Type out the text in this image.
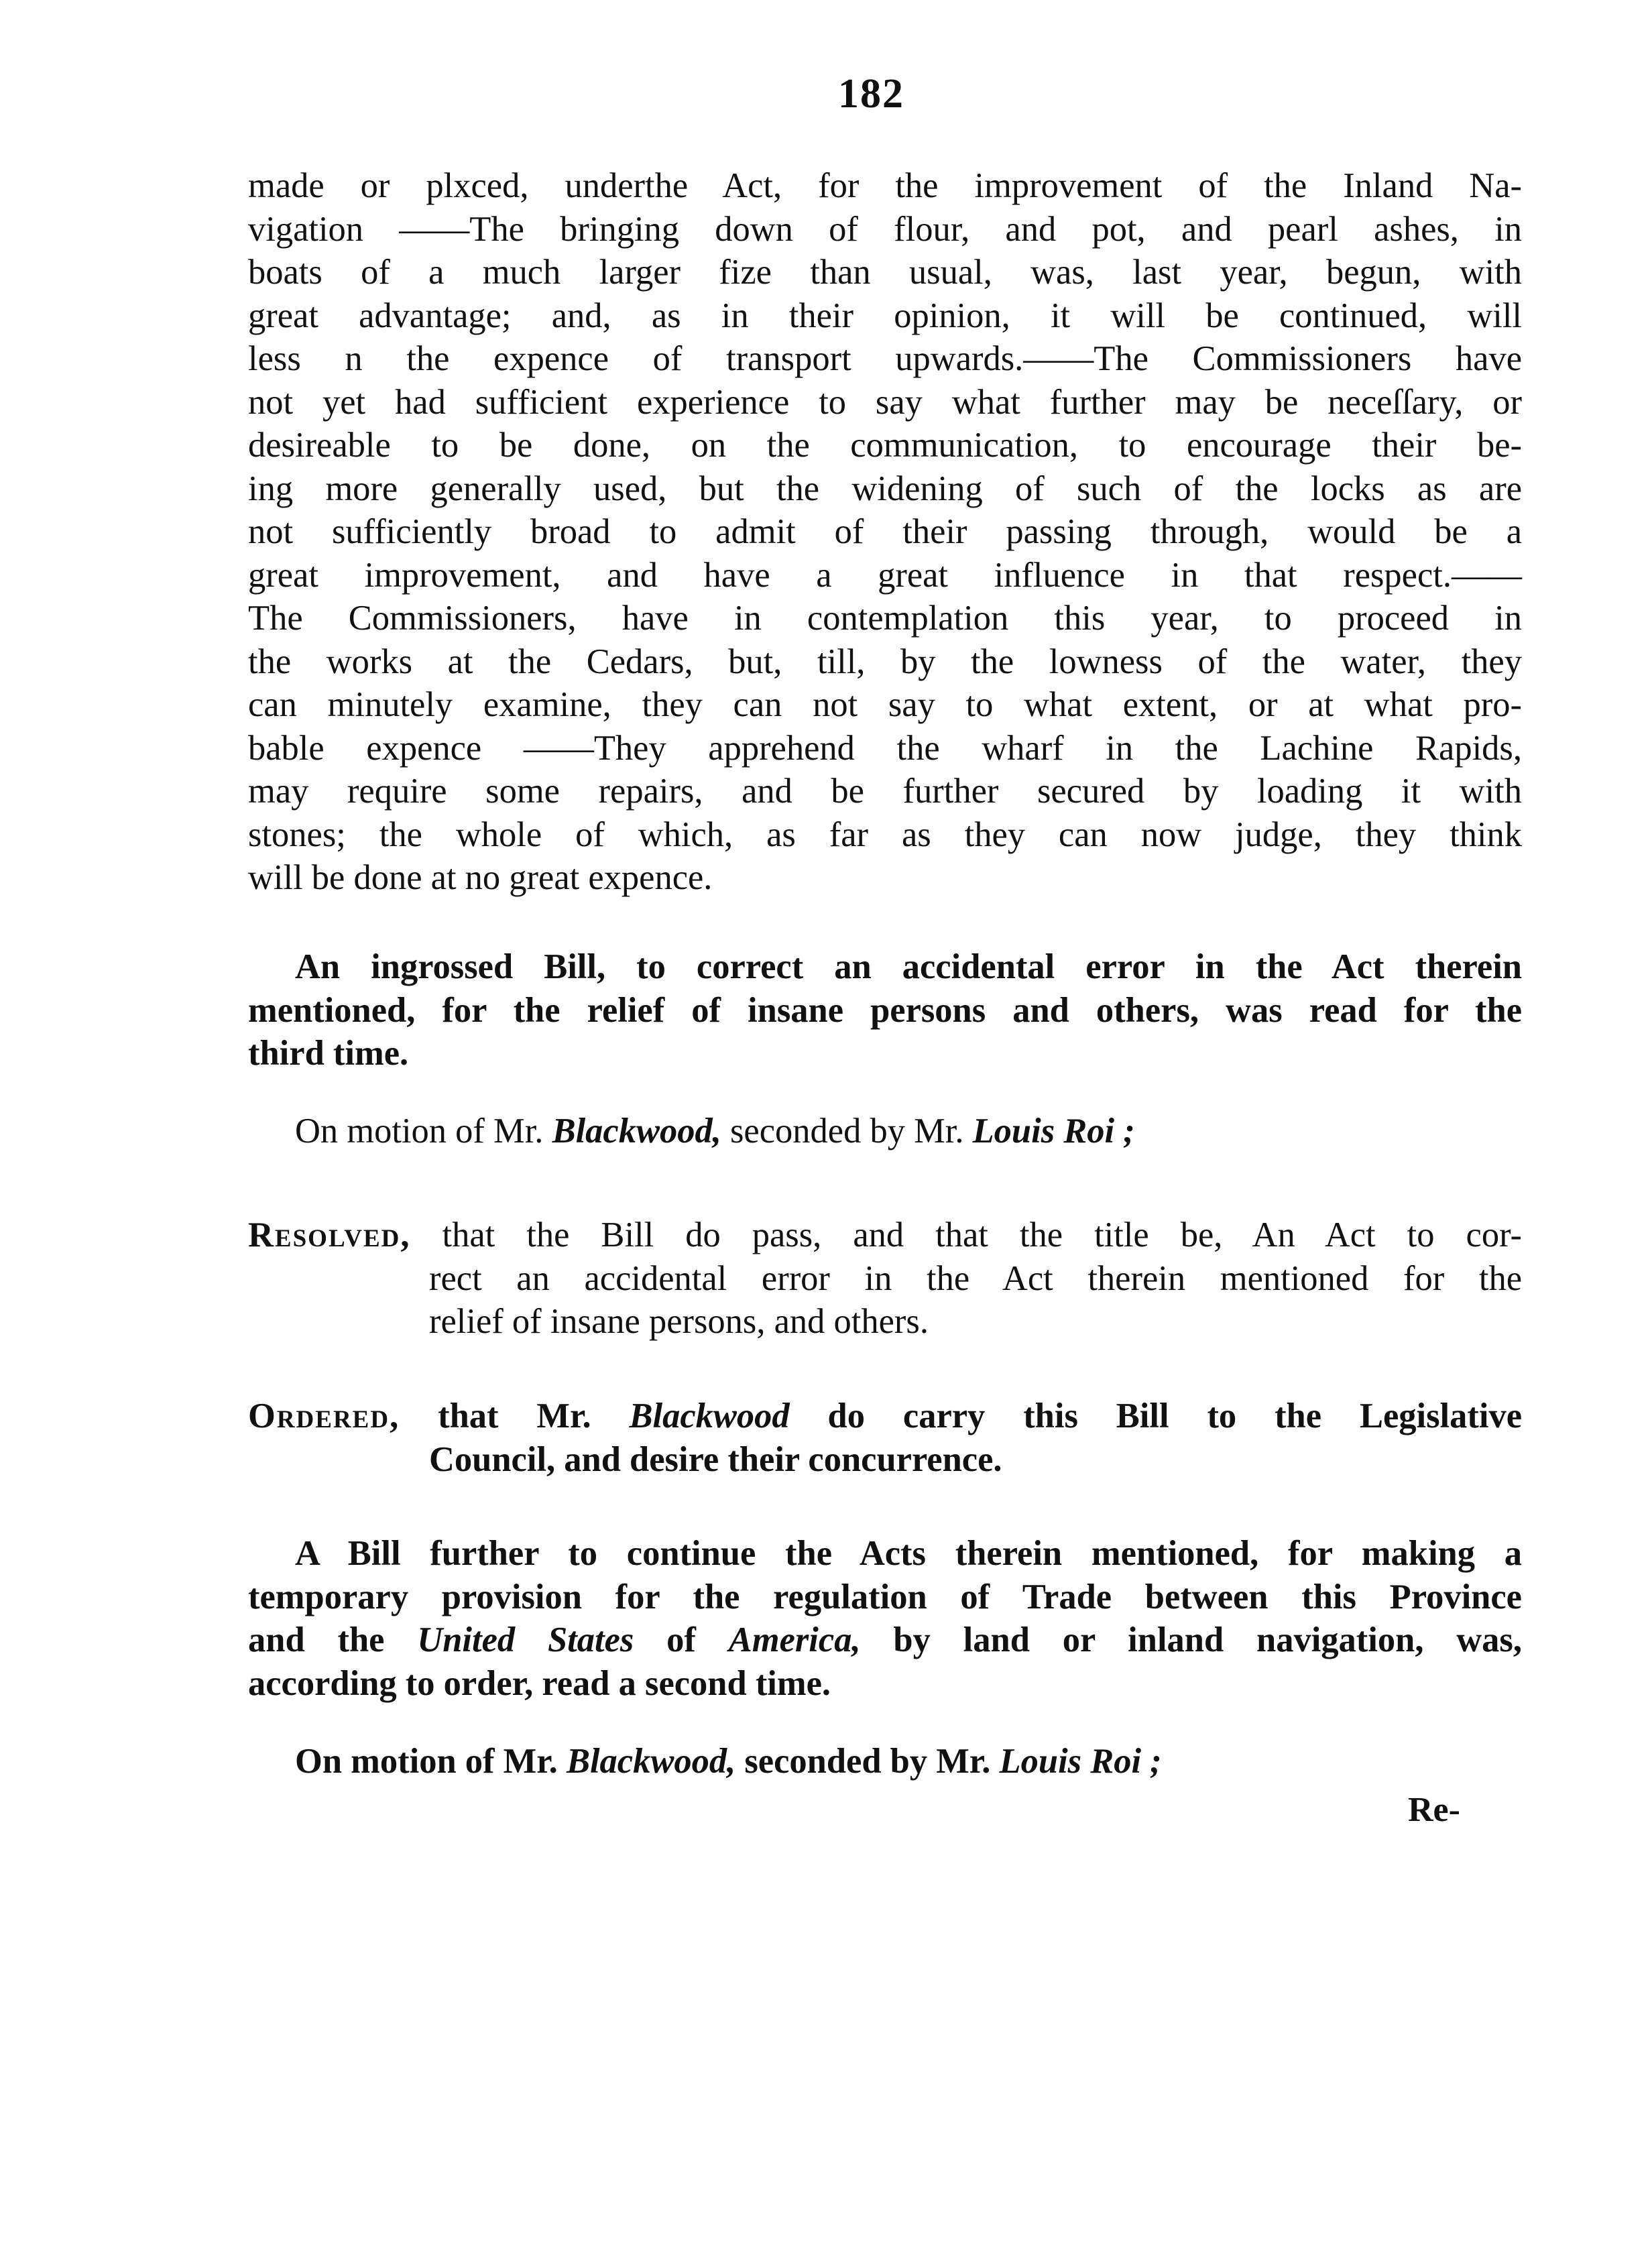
182
made or plxced, underthe Act, for the improvement of the Inland Na-
vigation ——The bringing down of flour, and pot, and pearl ashes, in
boats of a much larger fize than usual, was, last year, begun, with
great advantage; and, as in their opinion, it will be continued, will
less n the expence of transport upwards.——The Commissioners have
not yet had sufficient experience to say what further may be neceſſary, or
desireable to be done, on the communication, to encourage their be-
ing more generally used, but the widening of such of the locks as are
not sufficiently broad to admit of their passing through, would be a
great improvement, and have a great influence in that respect.——
The Commissioners, have in contemplation this year, to proceed in
the works at the Cedars, but, till, by the lowness of the water, they
can minutely examine, they can not say to what extent, or at what pro-
bable expence ——They apprehend the wharf in the Lachine Rapids,
may require some repairs, and be further secured by loading it with
stones; the whole of which, as far as they can now judge, they think
will be done at no great expence.
An ingrossed Bill, to correct an accidental error in the Act therein
mentioned, for the relief of insane persons and others, was read for the
third time.
On motion of Mr. Blackwood, seconded by Mr. Louis Roi ;
Resolved, that the Bill do pass, and that the title be, An Act to cor-
rect an accidental error in the Act therein mentioned for the
relief of insane persons, and others.
Ordered, that Mr. Blackwood do carry this Bill to the Legislative
Council, and desire their concurrence.
A Bill further to continue the Acts therein mentioned, for making a
temporary provision for the regulation of Trade between this Province
and the United States of America, by land or inland navigation, was,
according to order, read a second time.
On motion of Mr. Blackwood, seconded by Mr. Louis Roi ;
Re-
